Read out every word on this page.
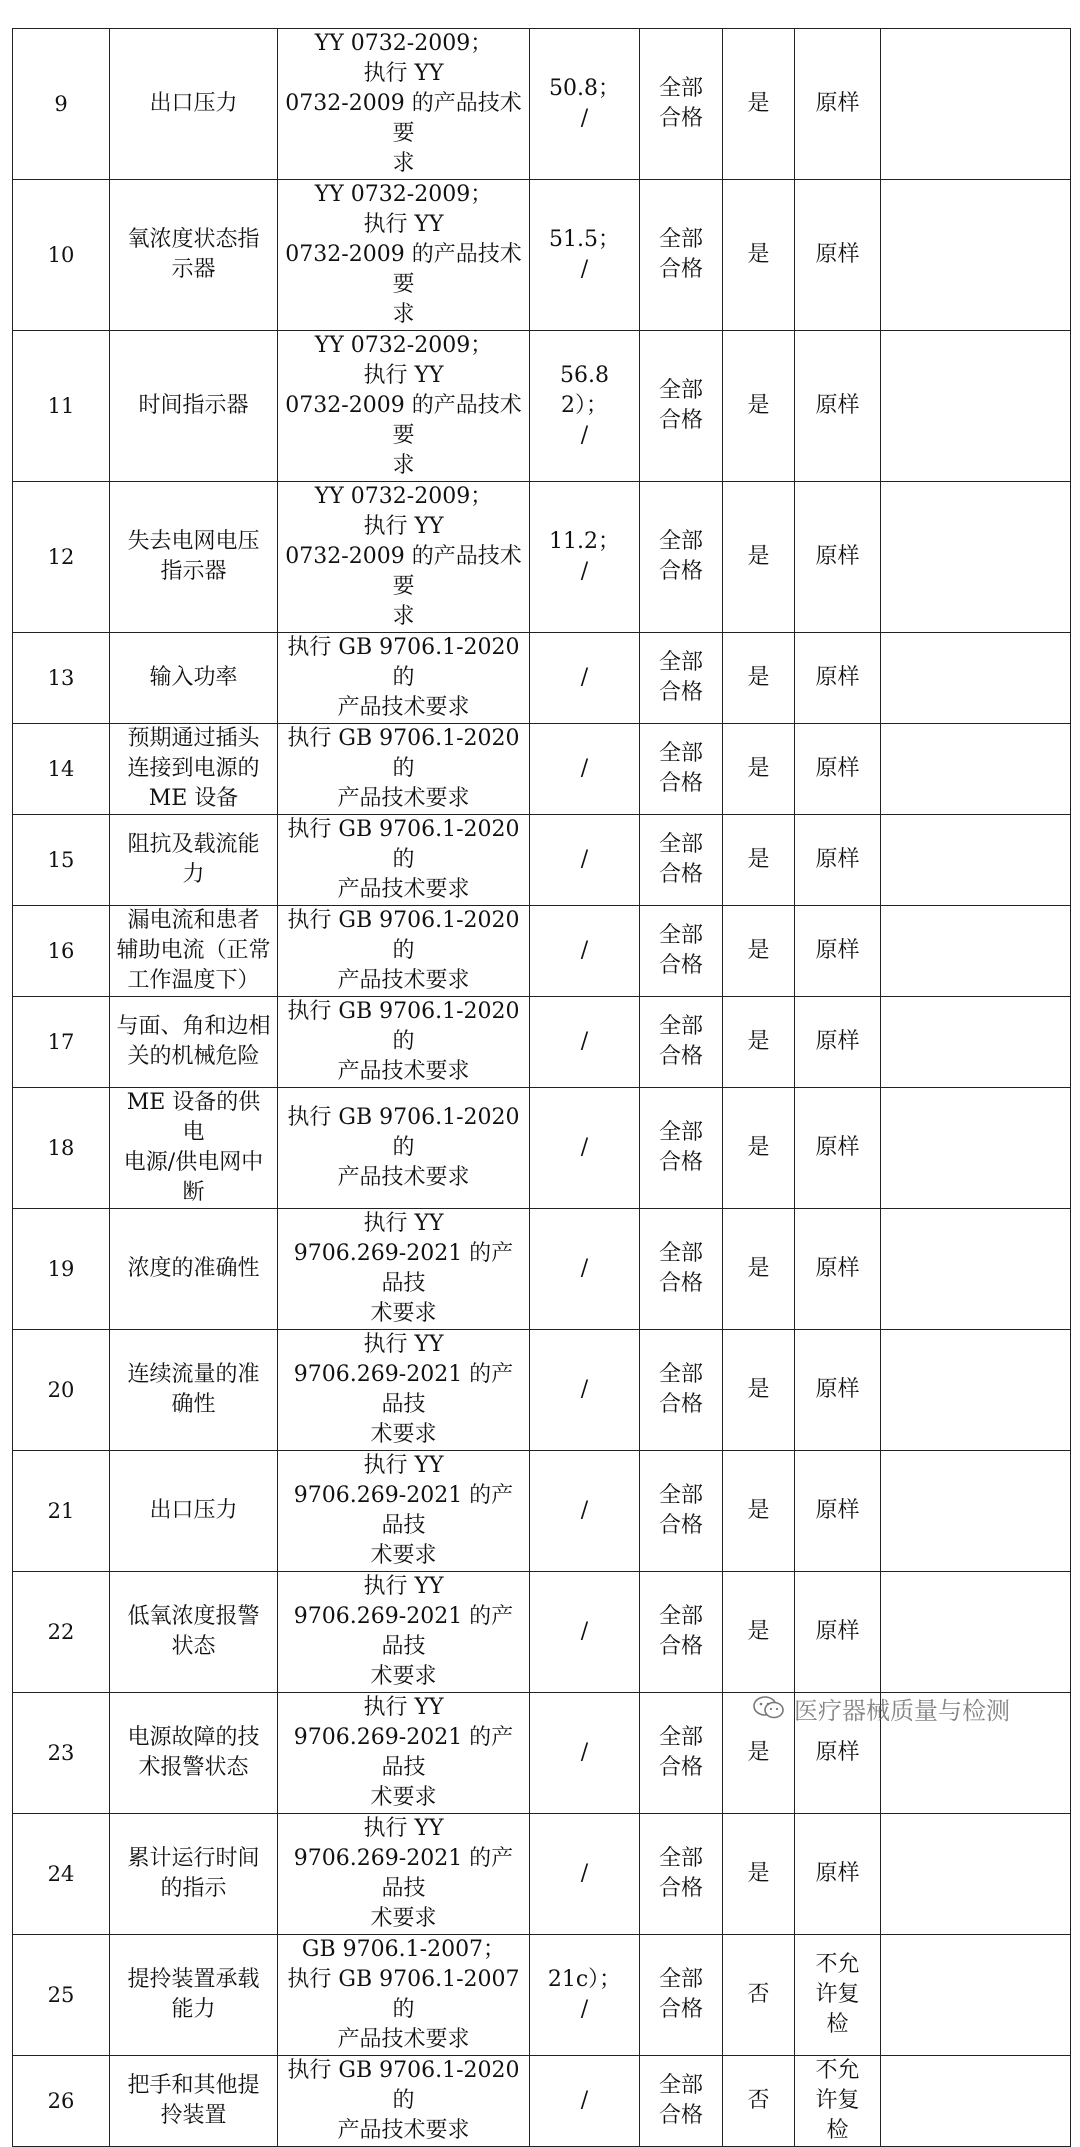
9	出口压力	YY 0732-2009；
执行 YY
0732-2009 的产品技术要
求	50.8；
/	全部
合格	是	原样	

10	氧浓度状态指
示器	YY 0732-2009；
执行 YY
0732-2009 的产品技术要
求	51.5；
/	全部
合格	是	原样	

11	时间指示器	YY 0732-2009；
执行 YY
0732-2009 的产品技术要
求	56.8 2）；
/	全部
合格	是	原样	

12	失去电网电压
指示器	YY 0732-2009；
执行 YY
0732-2009 的产品技术要
求	11.2；
/	全部
合格	是	原样	

13	输入功率	执行 GB 9706.1-2020 的
产品技术要求	/	全部
合格	是	原样	

14	预期通过插头
连接到电源的
ME 设备	执行 GB 9706.1-2020 的
产品技术要求	/	全部
合格	是	原样	

15	阻抗及载流能
力	执行 GB 9706.1-2020 的
产品技术要求	/	全部
合格	是	原样	

16	漏电流和患者
辅助电流（正常
工作温度下）	执行 GB 9706.1-2020 的
产品技术要求	/	全部
合格	是	原样	

17	与面、角和边相
关的机械危险	执行 GB 9706.1-2020 的
产品技术要求	/	全部
合格	是	原样	

18	ME 设备的供电
电源/供电网中
断	执行 GB 9706.1-2020 的
产品技术要求	/	全部
合格	是	原样	

19	浓度的准确性	执行 YY
9706.269-2021 的产品技
术要求	/	全部
合格	是	原样	

20	连续流量的准
确性	执行 YY
9706.269-2021 的产品技
术要求	/	全部
合格	是	原样	

21	出口压力	执行 YY
9706.269-2021 的产品技
术要求	/	全部
合格	是	原样	

22	低氧浓度报警
状态	执行 YY
9706.269-2021 的产品技
术要求	/	全部
合格	是	原样	

23	电源故障的技
术报警状态	执行 YY
9706.269-2021 的产品技
术要求	/	全部
合格	是	原样	

24	累计运行时间
的指示	执行 YY
9706.269-2021 的产品技
术要求	/	全部
合格	是	原样	

25	提拎装置承载
能力	GB 9706.1-2007；
执行 GB 9706.1-2007 的
产品技术要求	21c）；
/	全部
合格	否	不允
许复
检	

26	把手和其他提
拎装置	执行 GB 9706.1-2020 的
产品技术要求	/	全部
合格	否	不允
许复
检	

医疗器械质量与检测
